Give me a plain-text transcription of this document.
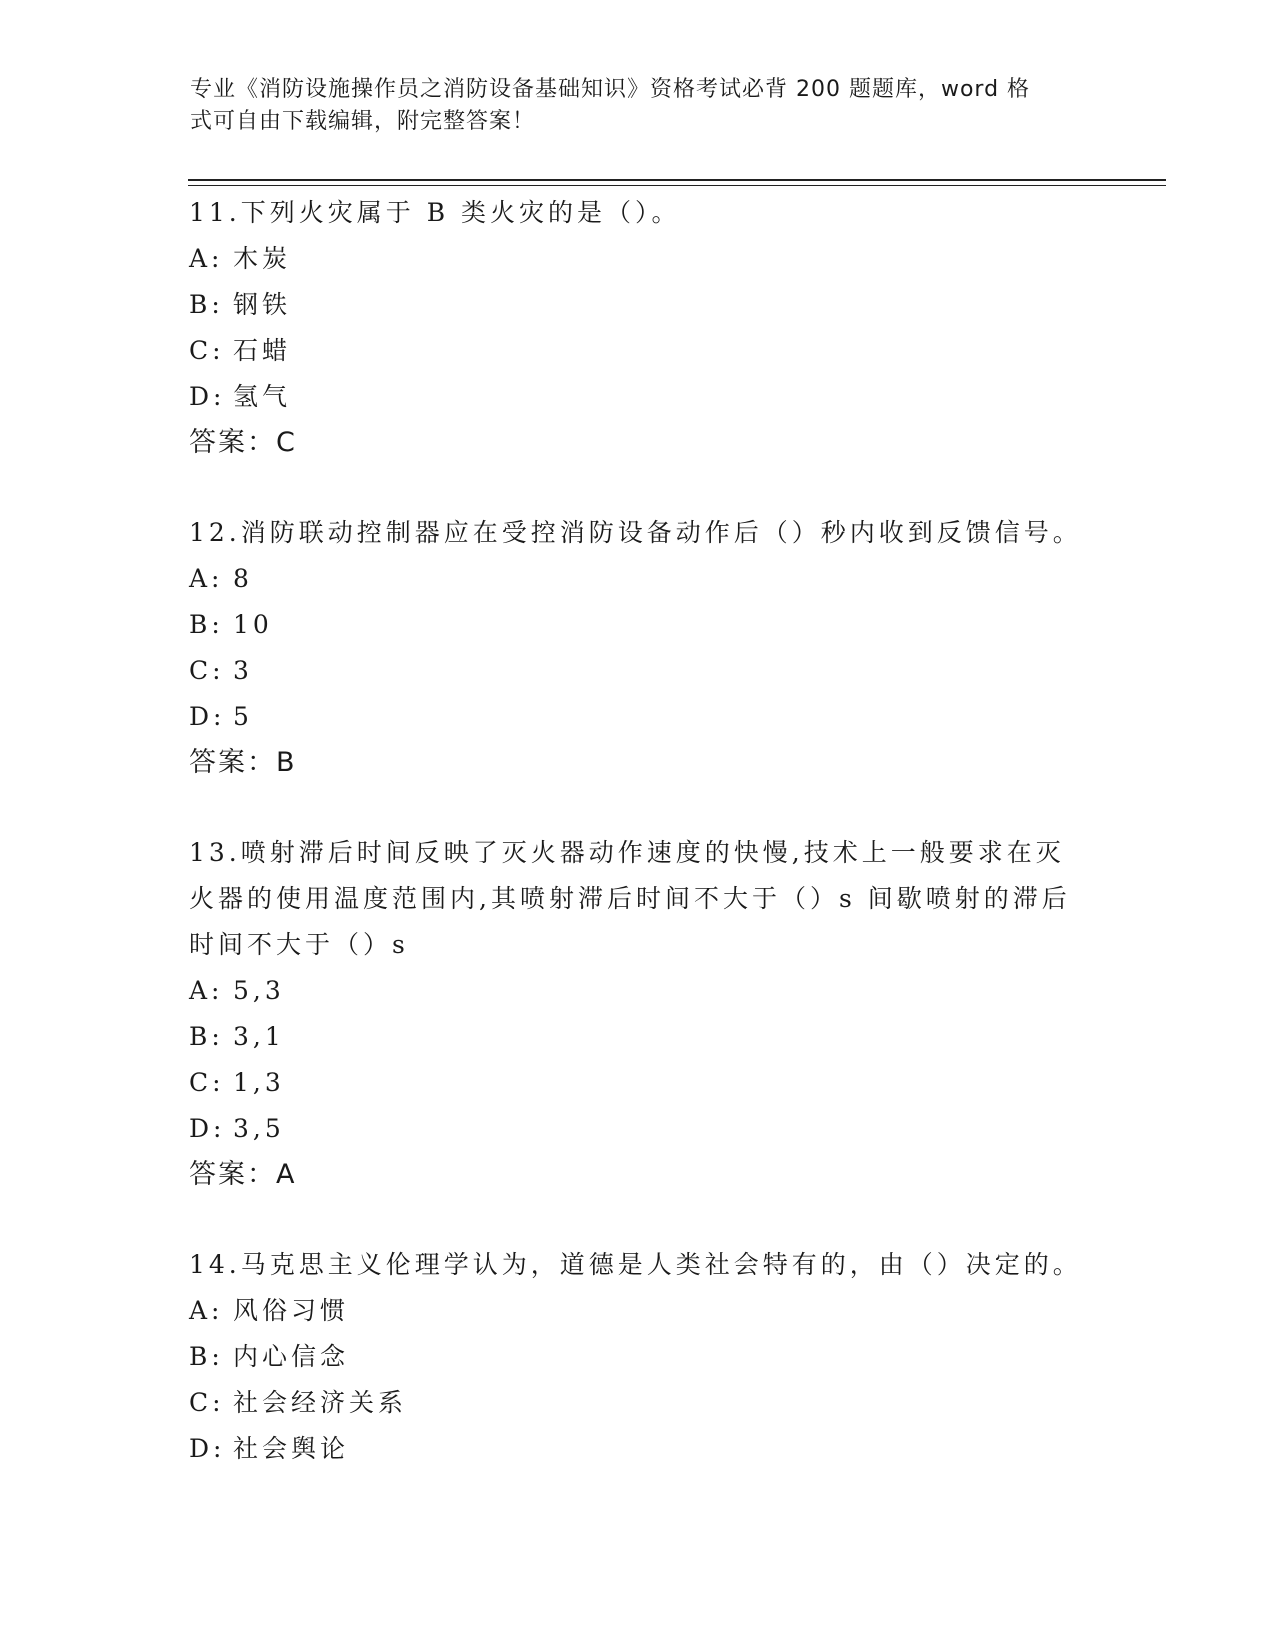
专业《消防设施操作员之消防设备基础知识》资格考试必背 200 题题库，word 格
式可自由下载编辑，附完整答案！

11.下列火灾属于 B 类火灾的是（）。

A: 木炭

B: 钢铁

C: 石蜡

D: 氢气

答案：C

12.消防联动控制器应在受控消防设备动作后（）秒内收到反馈信号。

A: 8

B: 10

C: 3

D: 5

答案：B

13.喷射滞后时间反映了灭火器动作速度的快慢,技术上一般要求在灭

火器的使用温度范围内,其喷射滞后时间不大于（）s 间歇喷射的滞后

时间不大于（）s

A: 5,3

B: 3,1

C: 1,3

D: 3,5

答案：A

14.马克思主义伦理学认为，道德是人类社会特有的，由（）决定的。

A: 风俗习惯

B: 内心信念

C: 社会经济关系

D: 社会舆论
